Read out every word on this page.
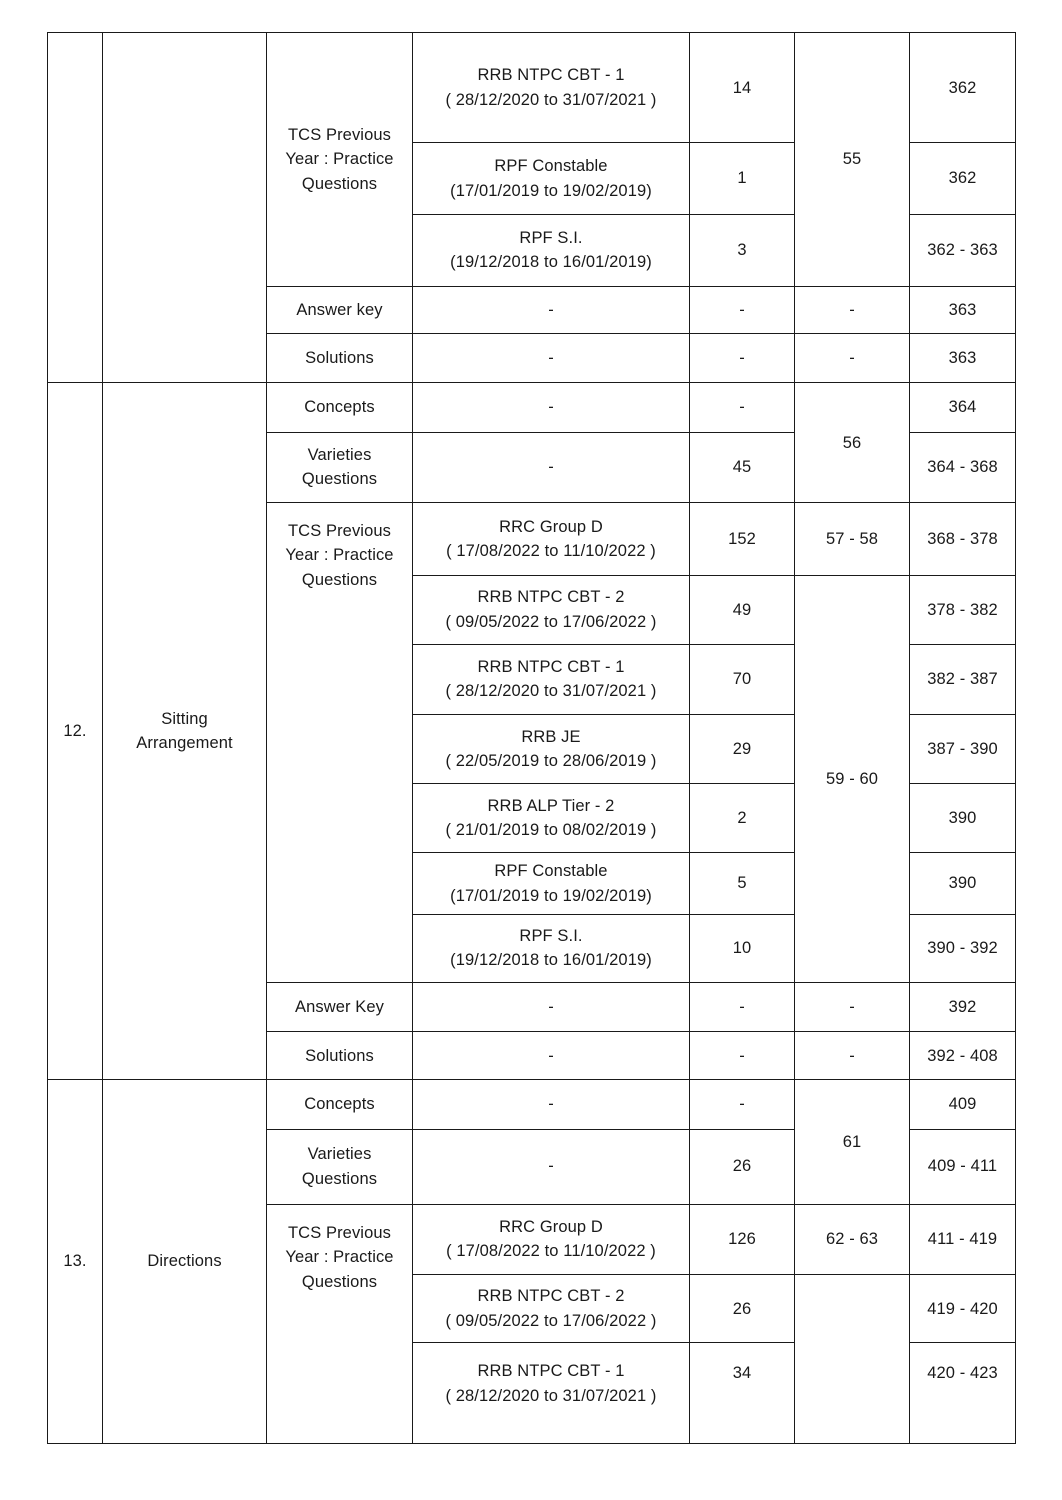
		TCS Previous
Year : Practice
Questions	RRB NTPC CBT - 1
( 28/12/2020 to 31/07/2021 )	14	55	362

			RPF Constable
(17/01/2019 to 19/02/2019)	1		362

			RPF S.I.
(19/12/2018 to 16/01/2019)	3		362 - 363
		Answer key	-	-	-	363
		Solutions	-	-	-	363
12.	Sitting
Arrangement	Concepts	-	-	56	364

		Varieties
Questions	-	45		364 - 368

		TCS Previous
Year : Practice
Questions	RRC Group D
( 17/08/2022 to 11/10/2022 )	152	57 - 58	368 - 378

			RRB NTPC CBT - 2
( 09/05/2022 to 17/06/2022 )	49	59 - 60	378 - 382

			RRB NTPC CBT - 1
( 28/12/2020 to 31/07/2021 )	70		382 - 387

			RRB JE
( 22/05/2019 to 28/06/2019 )	29		387 - 390

			RRB ALP Tier - 2
( 21/01/2019 to 08/02/2019 )	2		390

			RPF Constable
(17/01/2019 to 19/02/2019)	5		390

			RPF S.I.
(19/12/2018 to 16/01/2019)	10		390 - 392
		Answer Key	-	-	-	392
		Solutions	-	-	-	392 - 408
13.	Directions	Concepts	-	-	61	409

		Varieties
Questions	-	26		409 - 411

		TCS Previous
Year : Practice
Questions	RRC Group D
( 17/08/2022 to 11/10/2022 )	126	62 - 63	411 - 419

			RRB NTPC CBT - 2
( 09/05/2022 to 17/06/2022 )	26		419 - 420

			RRB NTPC CBT - 1
( 28/12/2020 to 31/07/2021 )	34		420 - 423
